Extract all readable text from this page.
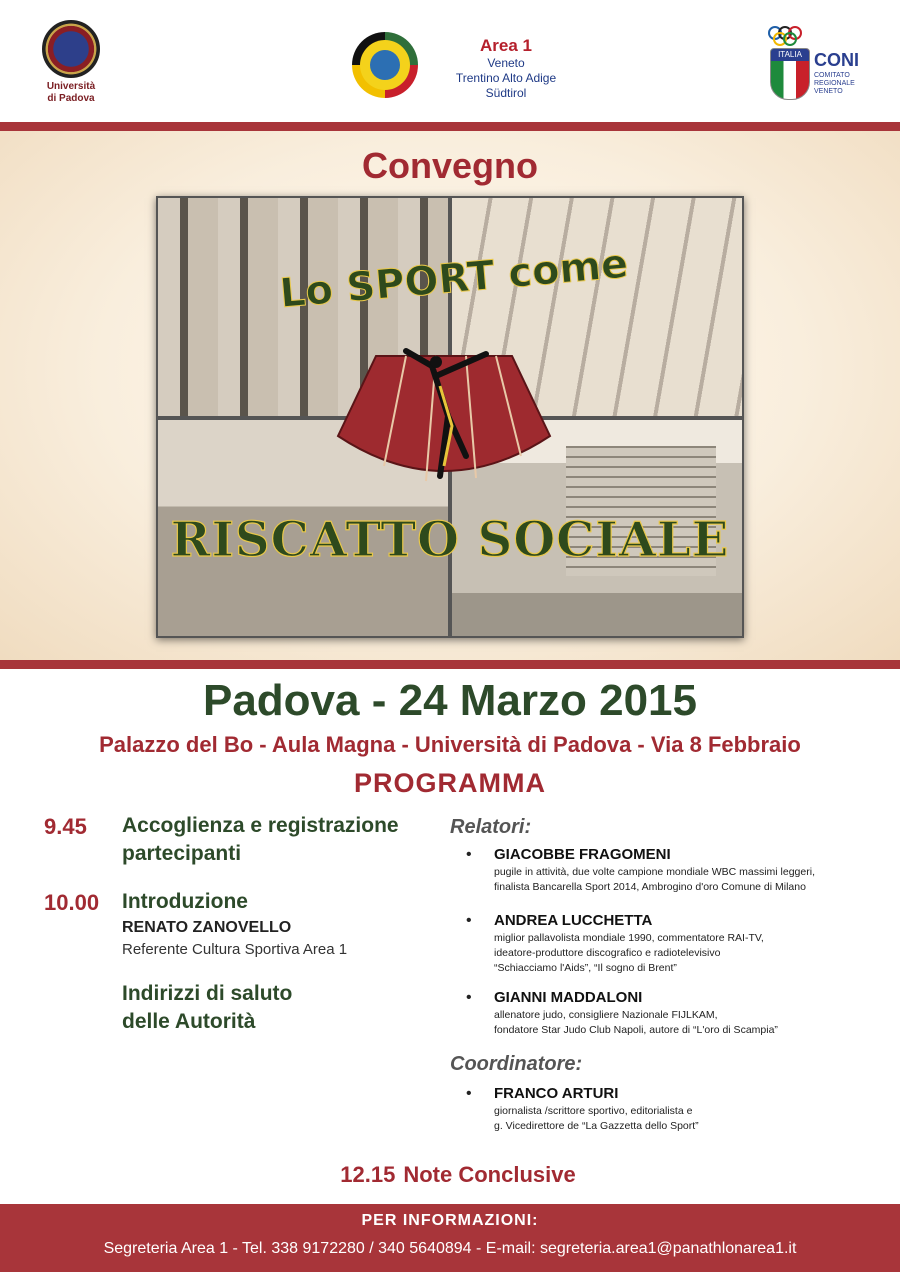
Università
di Padova
Area 1
Veneto
Trentino Alto Adige
Südtirol
ITALIA CONI
COMITATO
REGIONALE
VENETO
Convegno
Lo SPORT come
RISCATTO SOCIALE
Padova - 24 Marzo 2015
Palazzo del Bo - Aula Magna - Università di Padova - Via 8 Febbraio
PROGRAMMA
9.45 Accoglienza e registrazione
partecipanti
10.00 Introduzione
RENATO ZANOVELLO
Referente Cultura Sportiva Area 1
Indirizzi di saluto
delle Autorità
Relatori:
• GIACOBBE FRAGOMENI
pugile in attività, due volte campione mondiale WBC massimi leggeri,
finalista Bancarella Sport 2014, Ambrogino d'oro Comune di Milano
• ANDREA LUCCHETTA
miglior pallavolista mondiale 1990, commentatore RAI-TV,
ideatore-produttore discografico e radiotelevisivo
“Schiacciamo l'Aids”, “Il sogno di Brent”
• GIANNI MADDALONI
allenatore judo, consigliere Nazionale FIJLKAM,
fondatore Star Judo Club Napoli, autore di “L'oro di Scampia”
Coordinatore:
• FRANCO ARTURI
giornalista /scrittore sportivo, editorialista e
g. Vicedirettore de “La Gazzetta dello Sport”
12.15 Note Conclusive
PER INFORMAZIONI:
Segreteria Area 1 - Tel. 338 9172280 / 340 5640894 - E-mail: segreteria.area1@panathlonarea1.it
